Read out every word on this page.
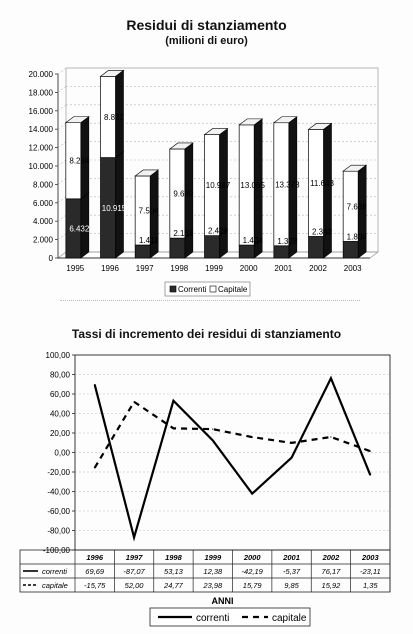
Residui di stanziamento
(milioni di euro)
Tassi di incremento dei residui di stanziamento
0
2.000
4.000
6.000
8.000
10.000
12.000
14.000
16.000
18.000
20.000
8.284
6.432
1995
8.832
10.915
1996
7.504
1.411
1997
9.689
2.161
1998
10.987
2.429
1999
13.065
1.404
2000
13.373
1.329
2001
11.643
2.341
2002
7.638
1.800
2003
Correnti Capitale
-100,00
-80,00
-60,00
-40,00
-20,00
0,00
20,00
40,00
60,00
80,00
100,00
1996	1997	1998	1999	2000	2001	2002	2003
correnti 69,69	-87,07	53,13	12,38	-42,19	-5,37	76,17	-23,11
capitale -15,75	52,00	24,77	23,98	15,79	9,85	15,92	1,35
ANNI
correnti	capitale
